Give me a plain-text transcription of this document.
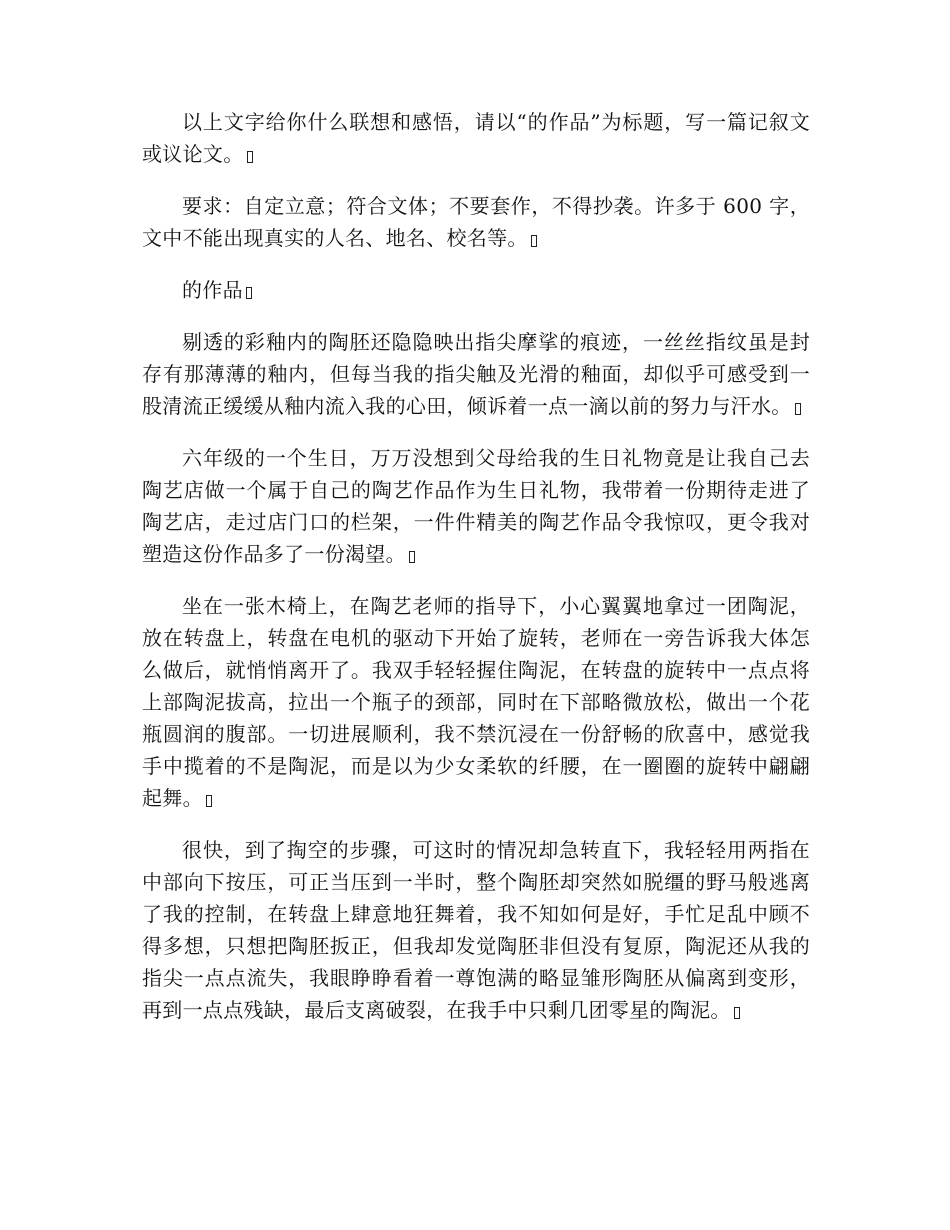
以上文字给你什么联想和感悟，请以“的作品”为标题，写一篇记叙文或议论文。

要求：自定立意；符合文体；不要套作，不得抄袭。许多于 600 字，文中不能出现真实的人名、地名、校名等。

的作品

剔透的彩釉内的陶胚还隐隐映出指尖摩挲的痕迹，一丝丝指纹虽是封存有那薄薄的釉内，但每当我的指尖触及光滑的釉面，却似乎可感受到一股清流正缓缓从釉内流入我的心田，倾诉着一点一滴以前的努力与汗水。

六年级的一个生日，万万没想到父母给我的生日礼物竟是让我自己去陶艺店做一个属于自己的陶艺作品作为生日礼物，我带着一份期待走进了陶艺店，走过店门口的栏架，一件件精美的陶艺作品令我惊叹，更令我对塑造这份作品多了一份渴望。

坐在一张木椅上，在陶艺老师的指导下，小心翼翼地拿过一团陶泥，放在转盘上，转盘在电机的驱动下开始了旋转，老师在一旁告诉我大体怎么做后，就悄悄离开了。我双手轻轻握住陶泥，在转盘的旋转中一点点将上部陶泥拔高，拉出一个瓶子的颈部，同时在下部略微放松，做出一个花瓶圆润的腹部。一切进展顺利，我不禁沉浸在一份舒畅的欣喜中，感觉我手中揽着的不是陶泥，而是以为少女柔软的纤腰，在一圈圈的旋转中翩翩起舞。

很快，到了掏空的步骤，可这时的情况却急转直下，我轻轻用两指在中部向下按压，可正当压到一半时，整个陶胚却突然如脱缰的野马般逃离了我的控制，在转盘上肆意地狂舞着，我不知如何是好，手忙足乱中顾不得多想，只想把陶胚扳正，但我却发觉陶胚非但没有复原，陶泥还从我的指尖一点点流失，我眼睁睁看着一尊饱满的略显雏形陶胚从偏离到变形，再到一点点残缺，最后支离破裂，在我手中只剩几团零星的陶泥。
